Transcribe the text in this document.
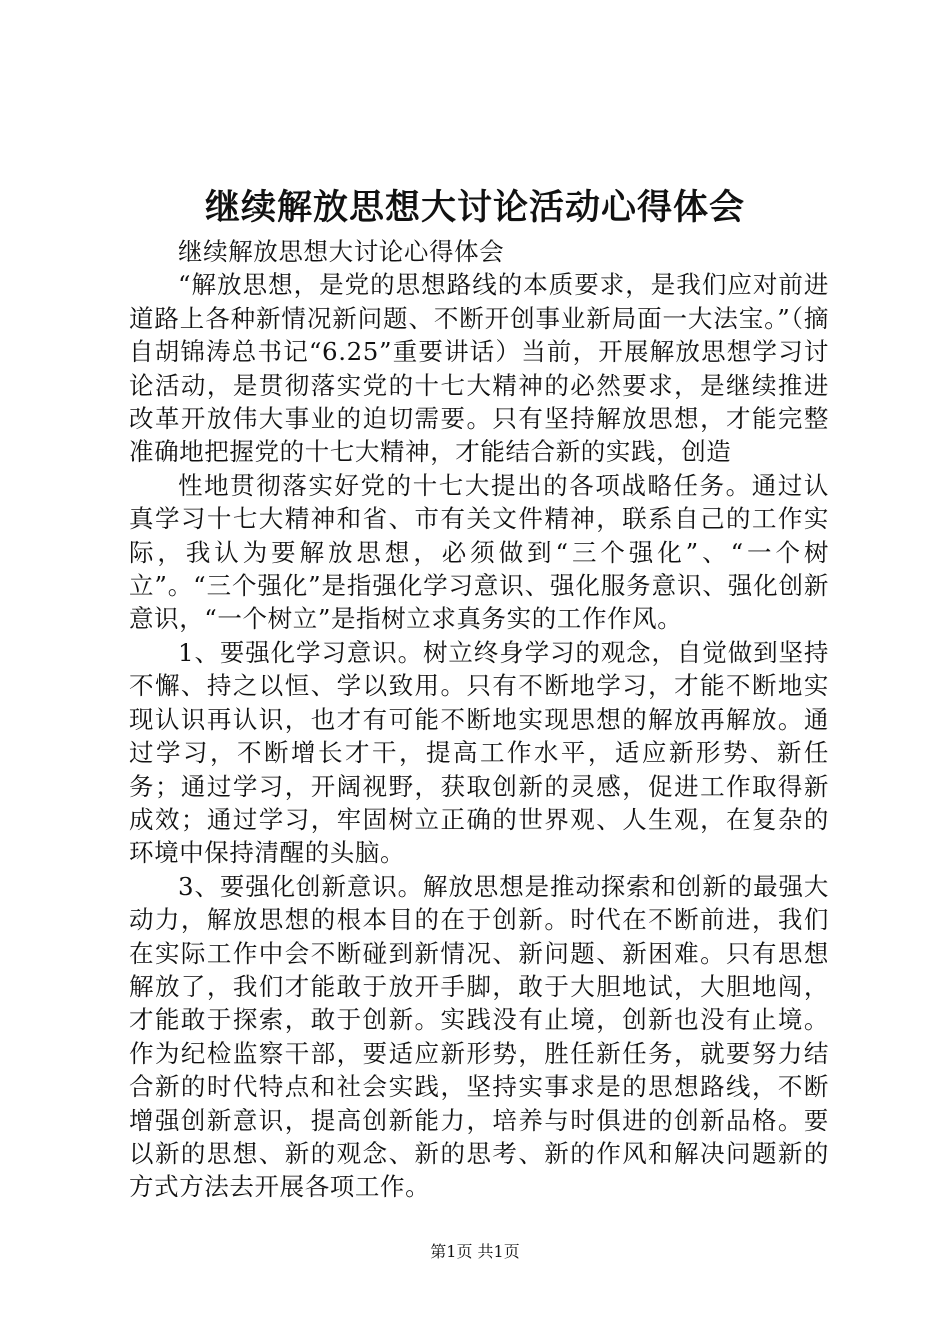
继续解放思想大讨论活动心得体会

继续解放思想大讨论心得体会

“解放思想，是党的思想路线的本质要求，是我们应对前进道路上各种新情况新问题、不断开创事业新局面一大法宝。”（摘自胡锦涛总书记“6.25”重要讲话）当前，开展解放思想学习讨论活动，是贯彻落实党的十七大精神的必然要求，是继续推进改革开放伟大事业的迫切需要。只有坚持解放思想，才能完整准确地把握党的十七大精神，才能结合新的实践，创造

性地贯彻落实好党的十七大提出的各项战略任务。通过认真学习十七大精神和省、市有关文件精神，联系自己的工作实际，我认为要解放思想，必须做到“三个强化”、“一个树立”。“三个强化”是指强化学习意识、强化服务意识、强化创新意识，“一个树立”是指树立求真务实的工作作风。

1、要强化学习意识。树立终身学习的观念，自觉做到坚持不懈、持之以恒、学以致用。只有不断地学习，才能不断地实现认识再认识，也才有可能不断地实现思想的解放再解放。通过学习，不断增长才干，提高工作水平，适应新形势、新任务；通过学习，开阔视野，获取创新的灵感，促进工作取得新成效；通过学习，牢固树立正确的世界观、人生观，在复杂的环境中保持清醒的头脑。

3、要强化创新意识。解放思想是推动探索和创新的最强大动力，解放思想的根本目的在于创新。时代在不断前进，我们在实际工作中会不断碰到新情况、新问题、新困难。只有思想解放了，我们才能敢于放开手脚，敢于大胆地试，大胆地闯，才能敢于探索，敢于创新。实践没有止境，创新也没有止境。作为纪检监察干部，要适应新形势，胜任新任务，就要努力结合新的时代特点和社会实践，坚持实事求是的思想路线，不断增强创新意识，提高创新能力，培养与时俱进的创新品格。要以新的思想、新的观念、新的思考、新的作风和解决问题新的方式方法去开展各项工作。

第1页 共1页
